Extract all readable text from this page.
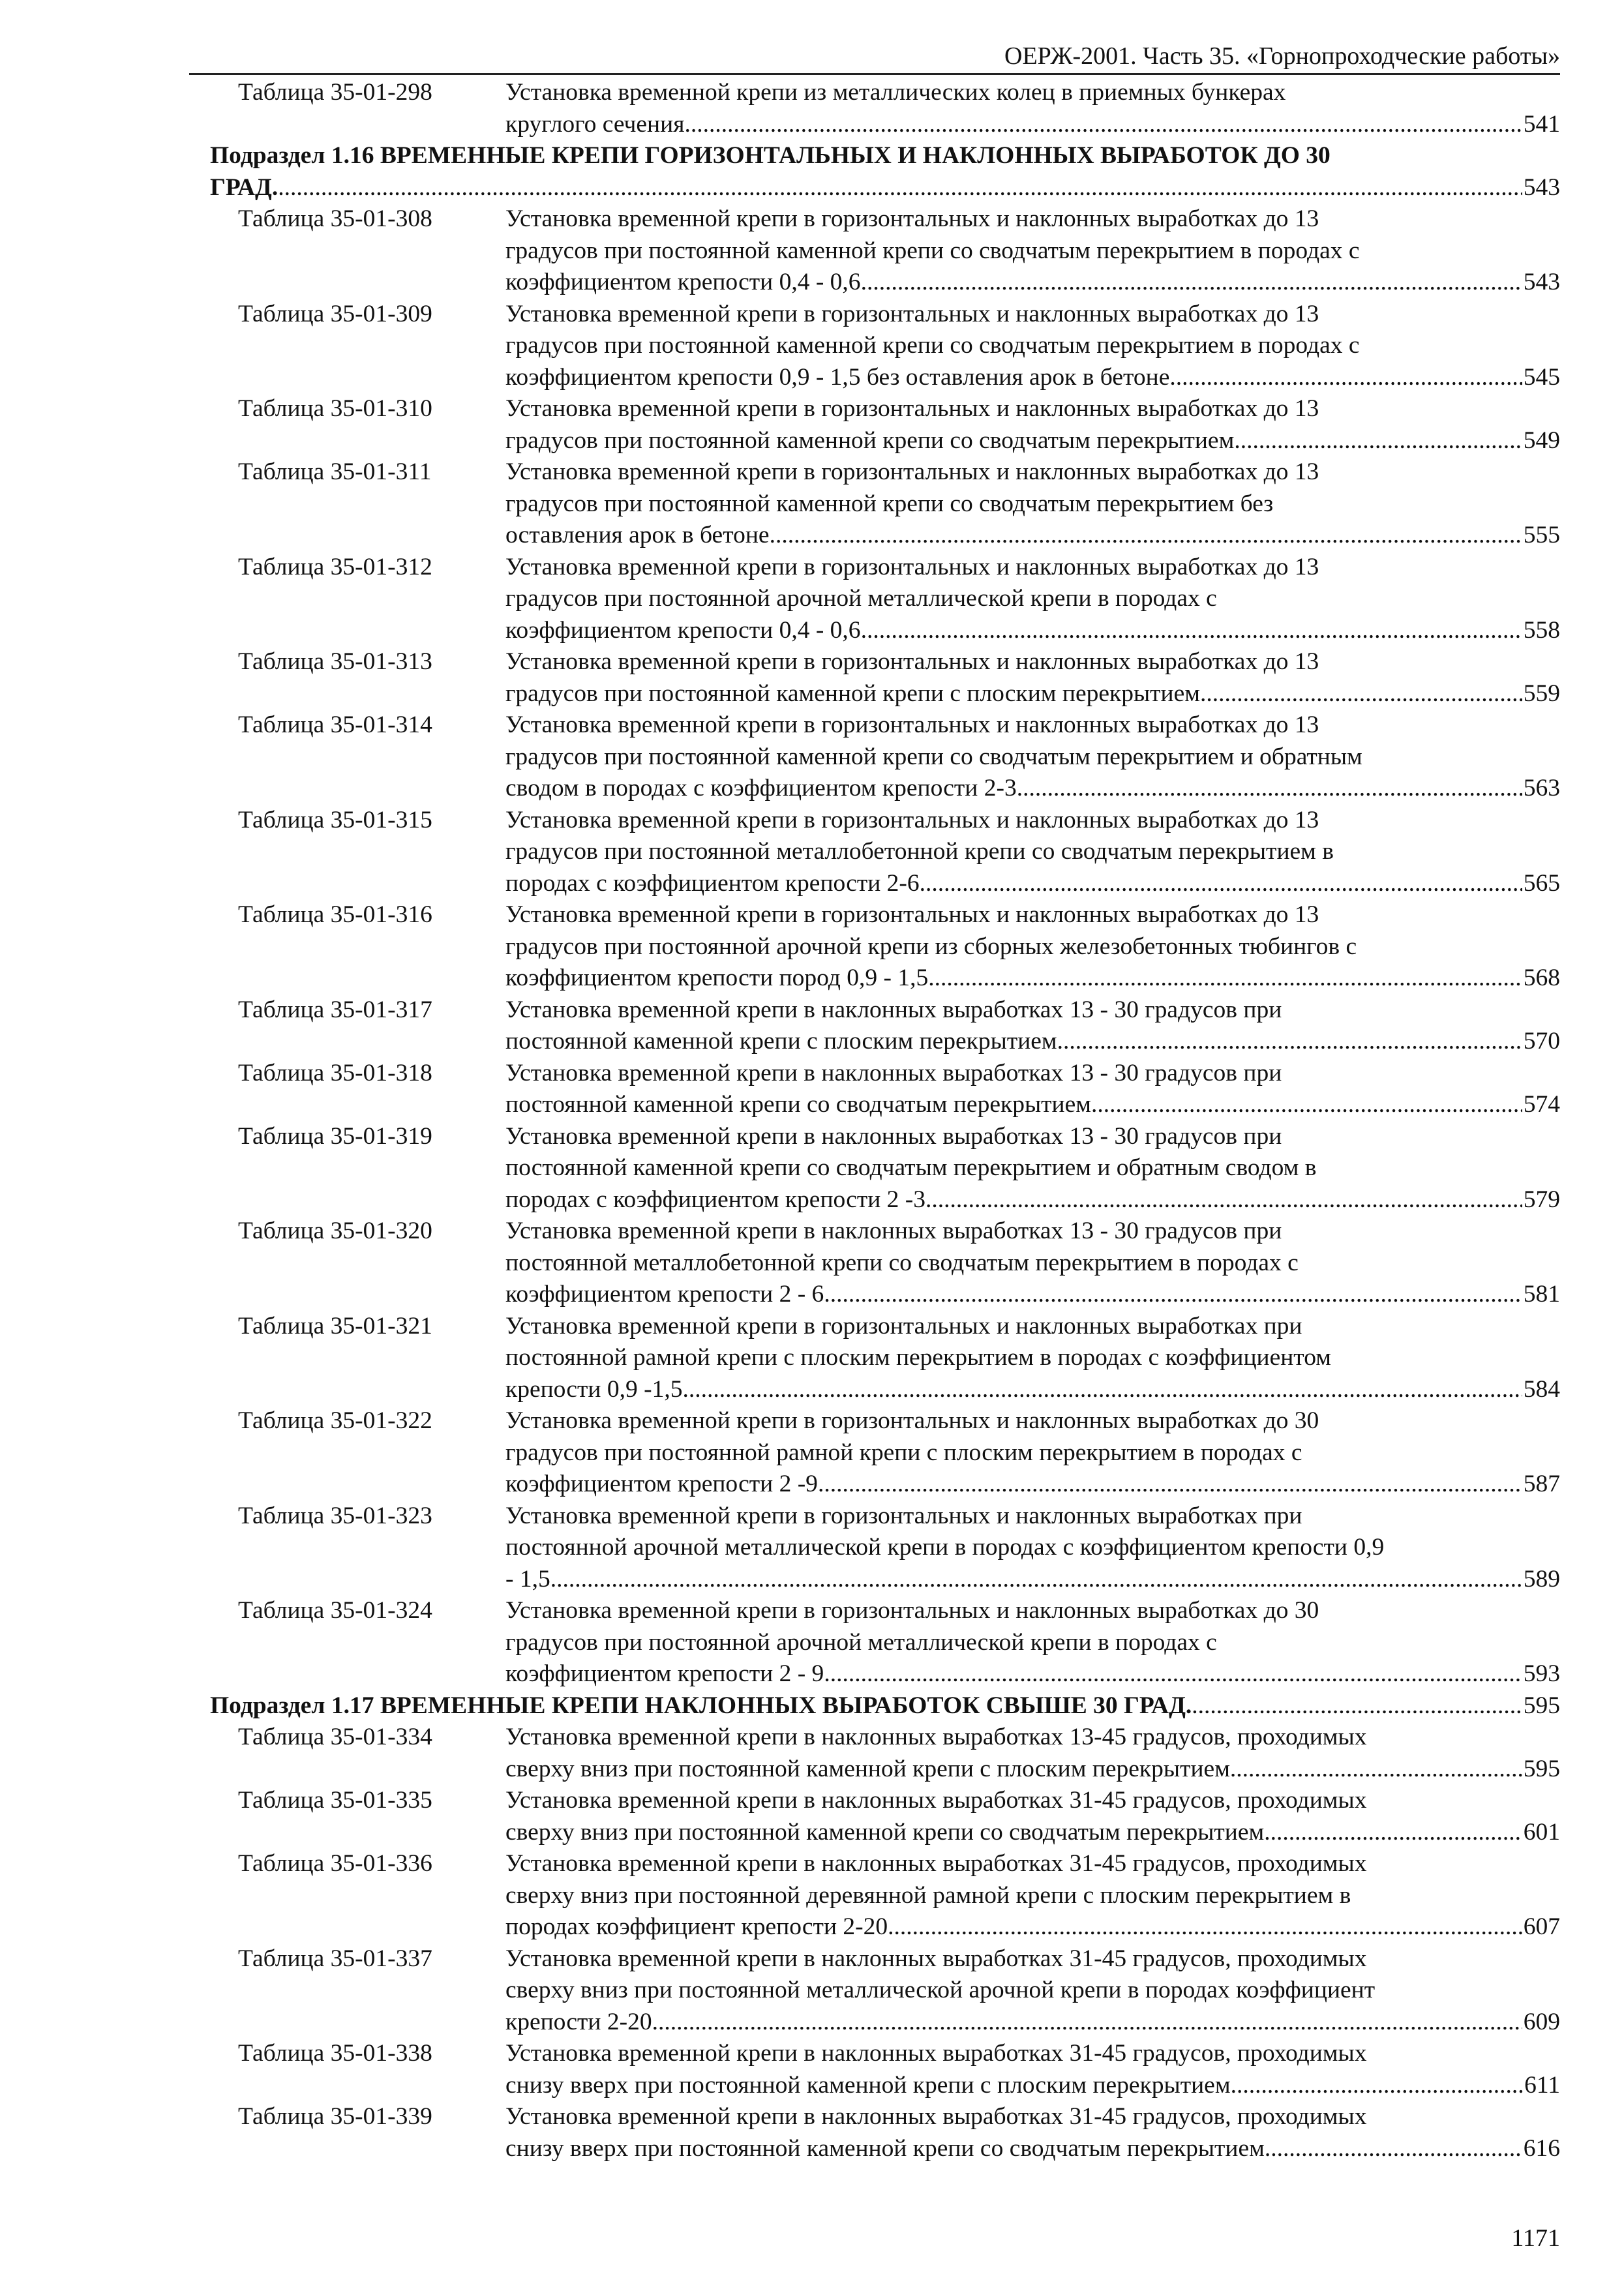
ОЕРЖ-2001. Часть 35. «Горнопроходческие работы»
Таблица 35-01-298	Установка временной крепи из металлических колец в приемных бункерах
круглого сечения .....	541
Подраздел 1.16 ВРЕМЕННЫЕ КРЕПИ ГОРИЗОНТАЛЬНЫХ И НАКЛОННЫХ ВЫРАБОТОК ДО 30
ГРАД. .....	543
Таблица 35-01-308	Установка временной крепи в горизонтальных и наклонных выработках до 13
градусов при постоянной каменной крепи со сводчатым перекрытием в породах с
коэффициентом крепости 0,4 - 0,6 .....	543
Таблица 35-01-309	Установка временной крепи в горизонтальных и наклонных выработках до 13
градусов при постоянной каменной крепи со сводчатым перекрытием в породах с
коэффициентом крепости 0,9 - 1,5 без оставления арок в бетоне .....	545
Таблица 35-01-310	Установка временной крепи в горизонтальных и наклонных выработках до 13
градусов при постоянной каменной крепи со сводчатым перекрытием .....	549
Таблица 35-01-311	Установка временной крепи в горизонтальных и наклонных выработках до 13
градусов при постоянной каменной крепи со сводчатым перекрытием без
оставления арок в бетоне .....	555
Таблица 35-01-312	Установка временной крепи в горизонтальных и наклонных выработках до 13
градусов при постоянной арочной металлической крепи в породах с
коэффициентом крепости 0,4 - 0,6 .....	558
Таблица 35-01-313	Установка временной крепи в горизонтальных и наклонных выработках до 13
градусов при постоянной каменной крепи с плоским перекрытием .....	559
Таблица 35-01-314	Установка временной крепи в горизонтальных и наклонных выработках до 13
градусов при постоянной каменной крепи со сводчатым перекрытием и обратным
сводом в породах с коэффициентом крепости 2-3 .....	563
Таблица 35-01-315	Установка временной крепи в горизонтальных и наклонных выработках до 13
градусов при постоянной металлобетонной крепи со сводчатым перекрытием в
породах с коэффициентом крепости 2-6 .....	565
Таблица 35-01-316	Установка временной крепи в горизонтальных и наклонных выработках до 13
градусов при постоянной арочной крепи из сборных железобетонных тюбингов с
коэффициентом крепости пород 0,9 - 1,5 .....	568
Таблица 35-01-317	Установка временной крепи в наклонных выработках 13 - 30 градусов при
постоянной каменной крепи с плоским перекрытием .....	570
Таблица 35-01-318	Установка временной крепи в наклонных выработках 13 - 30 градусов при
постоянной каменной крепи со сводчатым перекрытием .....	574
Таблица 35-01-319	Установка временной крепи в наклонных выработках 13 - 30 градусов при
постоянной каменной крепи со сводчатым перекрытием и обратным сводом в
породах с коэффициентом крепости 2 -3 .....	579
Таблица 35-01-320	Установка временной крепи в наклонных выработках 13 - 30 градусов при
постоянной металлобетонной крепи со сводчатым перекрытием в породах с
коэффициентом крепости 2 - 6 .....	581
Таблица 35-01-321	Установка временной крепи в горизонтальных и наклонных выработках при
постоянной рамной крепи с плоским перекрытием в породах с коэффициентом
крепости 0,9 -1,5 .....	584
Таблица 35-01-322	Установка временной крепи в горизонтальных и наклонных выработках до 30
градусов при постоянной рамной крепи с плоским перекрытием в породах с
коэффициентом крепости 2 -9 .....	587
Таблица 35-01-323	Установка временной крепи в горизонтальных и наклонных выработках при
постоянной арочной металлической крепи в породах с коэффициентом крепости 0,9
- 1,5 .....	589
Таблица 35-01-324	Установка временной крепи в горизонтальных и наклонных выработках до 30
градусов при постоянной арочной металлической крепи в породах с
коэффициентом крепости 2 - 9 .....	593
Подраздел 1.17 ВРЕМЕННЫЕ КРЕПИ НАКЛОННЫХ ВЫРАБОТОК СВЫШЕ 30 ГРАД. .....	595
Таблица 35-01-334	Установка временной крепи в наклонных выработках 13-45 градусов, проходимых
сверху вниз при постоянной каменной крепи с плоским перекрытием .....	595
Таблица 35-01-335	Установка временной крепи в наклонных выработках 31-45 градусов, проходимых
сверху вниз при постоянной каменной крепи со сводчатым перекрытием .....	601
Таблица 35-01-336	Установка временной крепи в наклонных выработках 31-45 градусов, проходимых
сверху вниз при постоянной деревянной рамной крепи с плоским перекрытием в
породах коэффициент крепости 2-20 .....	607
Таблица 35-01-337	Установка временной крепи в наклонных выработках 31-45 градусов, проходимых
сверху вниз при постоянной металлической арочной крепи в породах коэффициент
крепости 2-20 .....	609
Таблица 35-01-338	Установка временной крепи в наклонных выработках 31-45 градусов, проходимых
снизу вверх при постоянной каменной крепи с плоским перекрытием .....	611
Таблица 35-01-339	Установка временной крепи в наклонных выработках 31-45 градусов, проходимых
снизу вверх при постоянной каменной крепи со сводчатым перекрытием .....	616
1171
